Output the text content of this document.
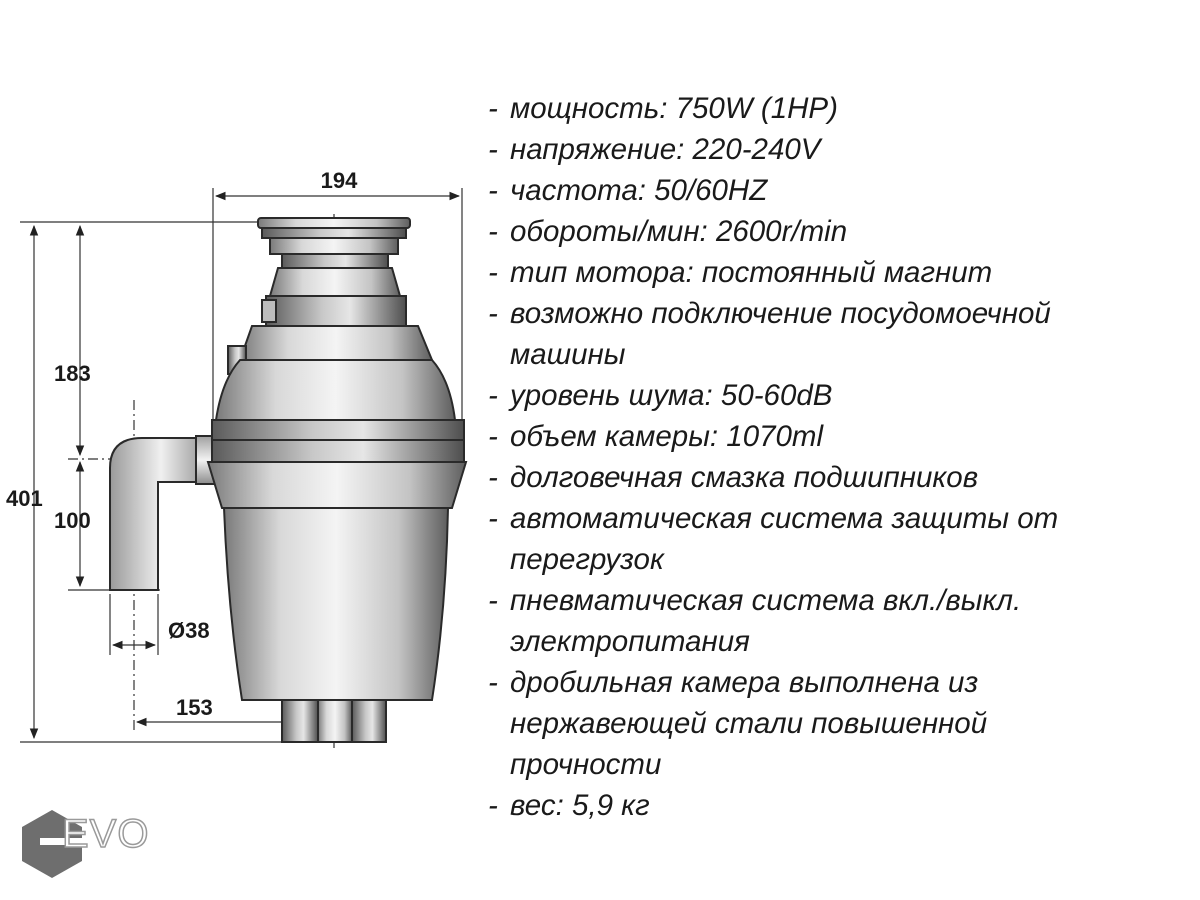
194
401
183
100
Ø38
153
- мощность: 750W (1HP)
- напряжение: 220-240V
- частота: 50/60HZ
- обороты/мин: 2600r/min
- тип мотора: постоянный магнит
- возможно подключение посудомоечной
машины
- уровень шума: 50-60dB
- объем камеры: 1070ml
- долговечная смазка подшипников
- автоматическая система защиты от
перегрузок
- пневматическая система вкл./выкл.
электропитания
- дробильная камера выполнена из
нержавеющей стали повышенной
прочности
- вес: 5,9 кг
EVO
